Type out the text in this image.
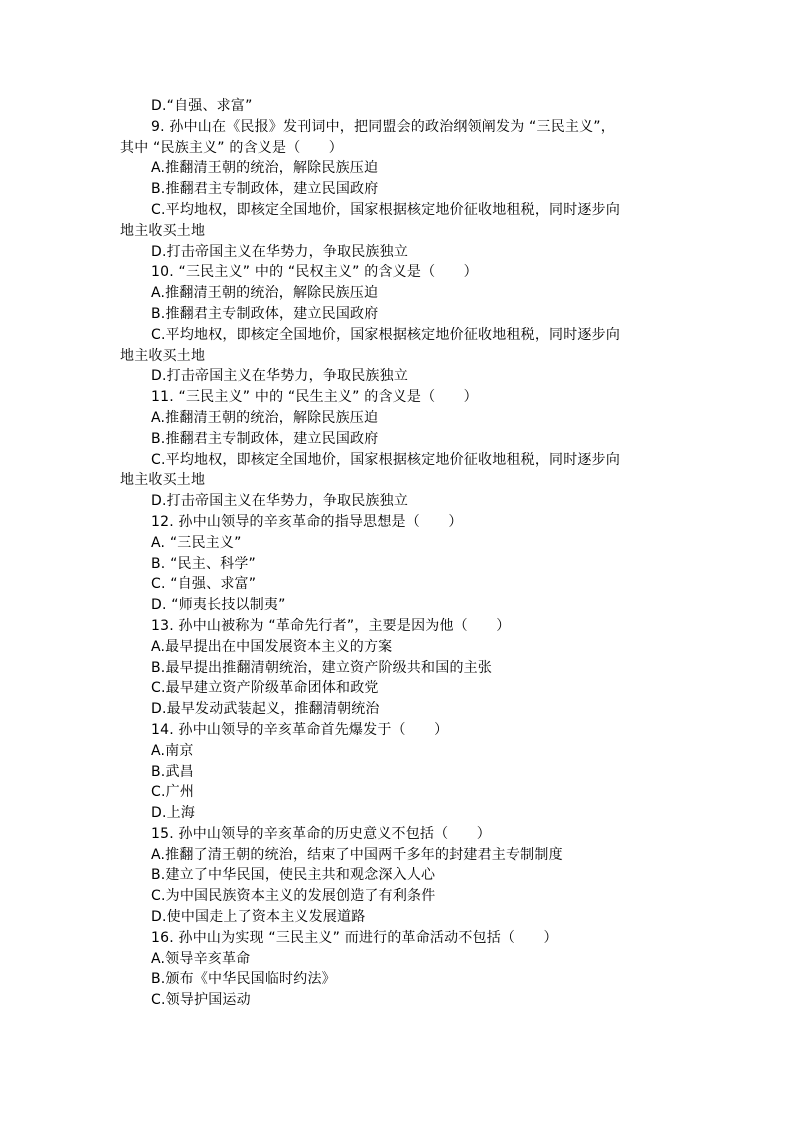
D.“自强、求富”
9. 孙中山在《民报》发刊词中，把同盟会的政治纲领阐发为 “三民主义”，
其中 “民族主义” 的含义是（　　）
A.推翻清王朝的统治，解除民族压迫
B.推翻君主专制政体，建立民国政府
C.平均地权，即核定全国地价，国家根据核定地价征收地租税，同时逐步向
地主收买土地
D.打击帝国主义在华势力，争取民族独立
10. “三民主义” 中的 “民权主义” 的含义是（　　）
A.推翻清王朝的统治，解除民族压迫
B.推翻君主专制政体，建立民国政府
C.平均地权，即核定全国地价，国家根据核定地价征收地租税，同时逐步向
地主收买土地
D.打击帝国主义在华势力，争取民族独立
11. “三民主义” 中的 “民生主义” 的含义是（　　）
A.推翻清王朝的统治，解除民族压迫
B.推翻君主专制政体，建立民国政府
C.平均地权，即核定全国地价，国家根据核定地价征收地租税，同时逐步向
地主收买土地
D.打击帝国主义在华势力，争取民族独立
12. 孙中山领导的辛亥革命的指导思想是（　　）
A. “三民主义”
B. “民主、科学”
C. “自强、求富”
D. “师夷长技以制夷”
13. 孙中山被称为 “革命先行者”，主要是因为他（　　）
A.最早提出在中国发展资本主义的方案
B.最早提出推翻清朝统治，建立资产阶级共和国的主张
C.最早建立资产阶级革命团体和政党
D.最早发动武装起义，推翻清朝统治
14. 孙中山领导的辛亥革命首先爆发于（　　）
A.南京
B.武昌
C.广州
D.上海
15. 孙中山领导的辛亥革命的历史意义不包括（　　）
A.推翻了清王朝的统治，结束了中国两千多年的封建君主专制制度
B.建立了中华民国，使民主共和观念深入人心
C.为中国民族资本主义的发展创造了有利条件
D.使中国走上了资本主义发展道路
16. 孙中山为实现 “三民主义” 而进行的革命活动不包括（　　）
A.领导辛亥革命
B.颁布《中华民国临时约法》
C.领导护国运动
